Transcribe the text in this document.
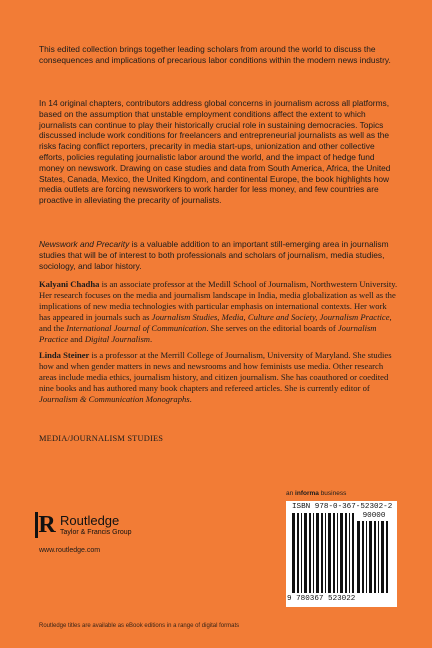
This edited collection brings together leading scholars from around the world to discuss the consequences and implications of precarious labor conditions within the modern news industry.

In 14 original chapters, contributors address global concerns in journalism across all platforms, based on the assumption that unstable employment conditions affect the extent to which journalists can continue to play their historically crucial role in sustaining democracies. Topics discussed include work conditions for freelancers and entrepreneurial journalists as well as the risks facing conflict reporters, precarity in media start-ups, unionization and other collective efforts, policies regulating journalistic labor around the world, and the impact of hedge fund money on newswork. Drawing on case studies and data from South America, Africa, the United States, Canada, Mexico, the United Kingdom, and continental Europe, the book highlights how media outlets are forcing newsworkers to work harder for less money, and few countries are proactive in alleviating the precarity of journalists.

Newswork and Precarity is a valuable addition to an important still-emerging area in journalism studies that will be of interest to both professionals and scholars of journalism, media studies, sociology, and labor history.

Kalyani Chadha is an associate professor at the Medill School of Journalism, Northwestern University. Her research focuses on the media and journalism landscape in India, media globalization as well as the implications of new media technologies with particular emphasis on international contexts. Her work has appeared in journals such as Journalism Studies, Media, Culture and Society, Journalism Practice, and the International Journal of Communication. She serves on the editorial boards of Journalism Practice and Digital Journalism.

Linda Steiner is a professor at the Merrill College of Journalism, University of Maryland. She studies how and when gender matters in news and newsrooms and how feminists use media. Other research areas include media ethics, journalism history, and citizen journalism. She has coauthored or coedited nine books and has authored many book chapters and refereed articles. She is currently editor of Journalism & Communication Monographs.

MEDIA/JOURNALISM STUDIES

R Routledge
Taylor & Francis Group
www.routledge.com
an informa business
ISBN 978-0-367-52302-2
90000
9 780367 523022
Routledge titles are available as eBook editions in a range of digital formats
